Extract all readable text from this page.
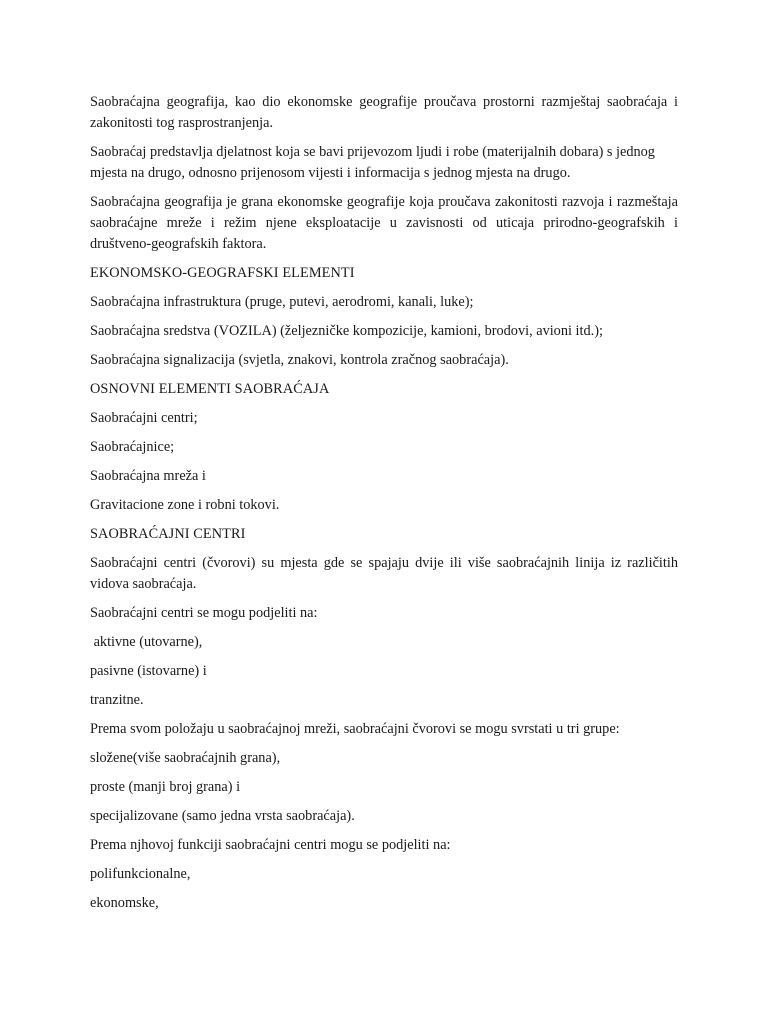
Saobraćajna geografija, kao dio ekonomske geografije proučava prostorni razmještaj saobraćaja i zakonitosti tog rasprostranjenja.

Saobraćaj predstavlja djelatnost koja se bavi prijevozom ljudi i robe (materijalnih dobara) s jednog mjesta na drugo, odnosno prijenosom vijesti i informacija s jednog mjesta na drugo.

Saobraćajna geografija je grana ekonomske geografije koja proučava zakonitosti razvoja i razmeštaja saobraćajne mreže i režim njene eksploatacije u zavisnosti od uticaja prirodno-geografskih i društveno-geografskih faktora.

EKONOMSKO-GEOGRAFSKI ELEMENTI

Saobraćajna infrastruktura (pruge, putevi, aerodromi, kanali, luke);

Saobraćajna sredstva (VOZILA) (željezničke kompozicije, kamioni, brodovi, avioni itd.);

Saobraćajna signalizacija (svjetla, znakovi, kontrola zračnog saobraćaja).

OSNOVNI ELEMENTI SAOBRAĆAJA

Saobraćajni centri;

Saobraćajnice;

Saobraćajna mreža i

Gravitacione zone i robni tokovi.

SAOBRAĆAJNI CENTRI

Saobraćajni centri (čvorovi) su mjesta gde se spajaju dvije ili više saobraćajnih linija iz različitih vidova saobraćaja.

Saobraćajni centri se mogu podjeliti na:

aktivne (utovarne),

pasivne (istovarne) i

tranzitne.

Prema svom položaju u saobraćajnoj mreži, saobraćajni čvorovi se mogu svrstati u tri grupe:

složene(više saobraćajnih grana),

proste (manji broj grana) i

specijalizovane (samo jedna vrsta saobraćaja).

Prema njhovoj funkciji saobraćajni centri mogu se podjeliti na:

polifunkcionalne,

ekonomske,
